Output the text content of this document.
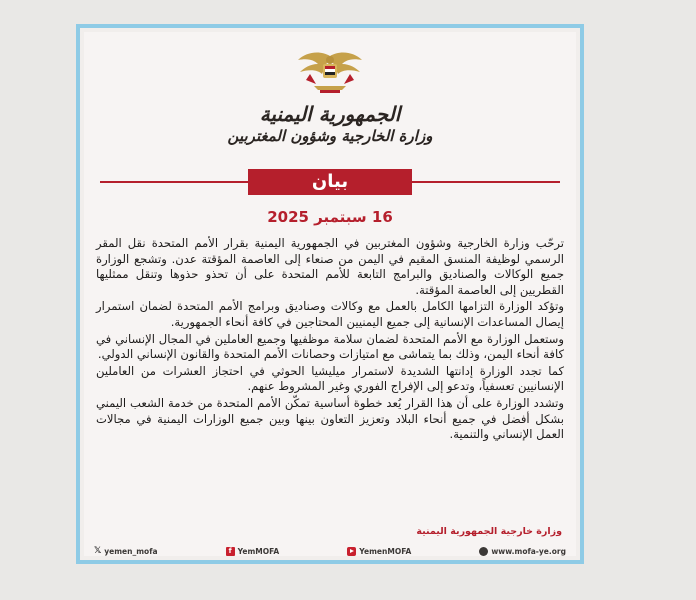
الجمهورية اليمنية
وزارة الخارجية وشؤون المغتربين
بيان
16 سبتمبر 2025

ترحّب وزارة الخارجية وشؤون المغتربين في الجمهورية اليمنية بقرار الأمم المتحدة نقل المقر الرسمي لوظيفة المنسق المقيم في اليمن من صنعاء إلى العاصمة المؤقتة عدن. وتشجع الوزارة جميع الوكالات والصناديق والبرامج التابعة للأمم المتحدة على أن تحذو حذوها وتنقل ممثليها القطريين إلى العاصمة المؤقتة.

وتؤكد الوزارة التزامها الكامل بالعمل مع وكالات وصناديق وبرامج الأمم المتحدة لضمان استمرار إيصال المساعدات الإنسانية إلى جميع اليمنيين المحتاجين في كافة أنحاء الجمهورية.

وستعمل الوزارة مع الأمم المتحدة لضمان سلامة موظفيها وجميع العاملين في المجال الإنساني في كافة أنحاء اليمن، وذلك بما يتماشى مع امتيازات وحصانات الأمم المتحدة والقانون الإنساني الدولي.

كما تجدد الوزارة إدانتها الشديدة لاستمرار ميليشيا الحوثي في احتجاز العشرات من العاملين الإنسانيين تعسفياً، وتدعو إلى الإفراج الفوري وغير المشروط عنهم.

وتشدد الوزارة على أن هذا القرار يُعد خطوة أساسية تمكّن الأمم المتحدة من خدمة الشعب اليمني بشكل أفضل في جميع أنحاء البلاد وتعزيز التعاون بينها وبين جميع الوزارات اليمنية في مجالات العمل الإنساني والتنمية.

وزارة خارجية الجمهورية اليمنية
𝕏 yemen_mofa	f YemMOFA	YemenMOFA	www.mofa-ye.org
